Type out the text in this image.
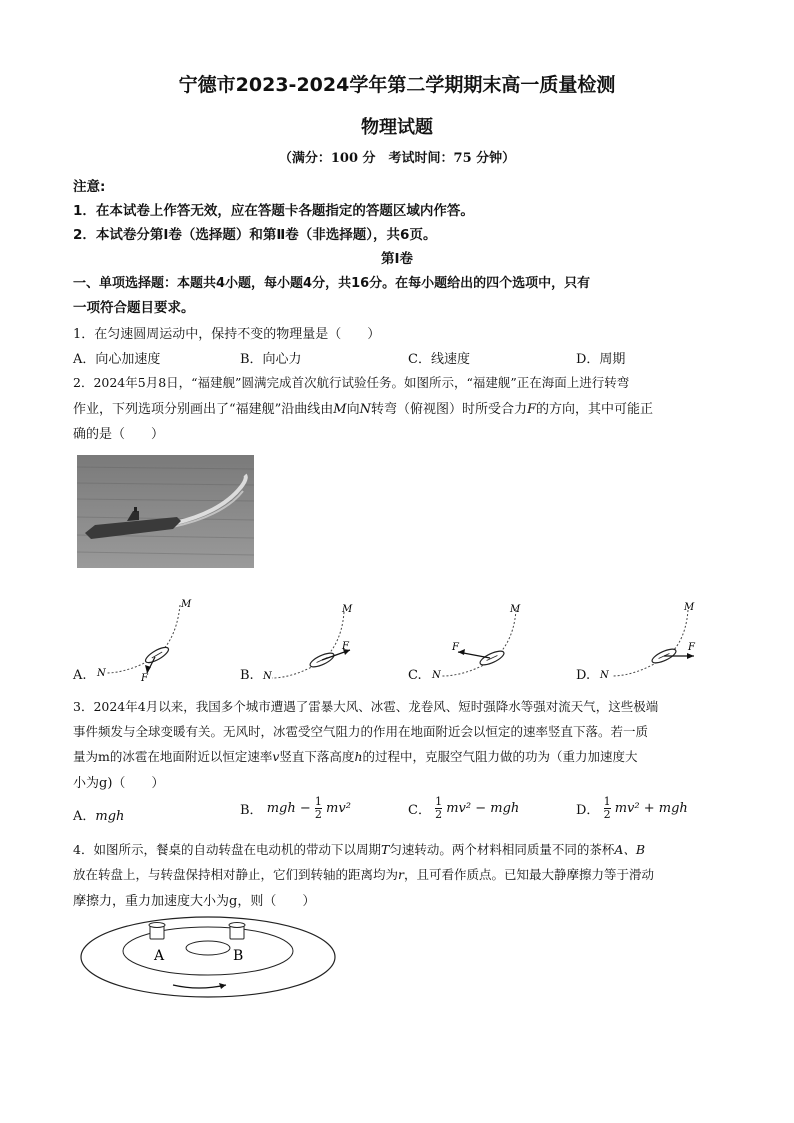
宁德市2023-2024学年第二学期期末高一质量检测
物理试题
（满分：100 分　考试时间：75 分钟）
注意:
1．在本试卷上作答无效，应在答题卡各题指定的答题区域内作答。
2．本试卷分第Ⅰ卷（选择题）和第Ⅱ卷（非选择题），共6页。
第Ⅰ卷
一、单项选择题：本题共4小题，每小题4分，共16分。在每小题给出的四个选项中，只有
一项符合题目要求。
1．在匀速圆周运动中，保持不变的物理量是（　　）
A．向心加速度	B．向心力	C．线速度	D．周期
2．2024年5月8日，“福建舰”圆满完成首次航行试验任务。如图所示，“福建舰”正在海面上进行转弯
作业，下列选项分别画出了“福建舰”沿曲线由M向N转弯（俯视图）时所受合力F的方向，其中可能正
确的是（　　）
M
N	F
M
N
F
M
N
F
M
N
F
A.	B.	C.	D.
3．2024年4月以来，我国多个城市遭遇了雷暴大风、冰雹、龙卷风、短时强降水等强对流天气，这些极端
事件频发与全球变暖有关。无风时，冰雹受空气阻力的作用在地面附近会以恒定的速率竖直下落。若一质
量为m的冰雹在地面附近以恒定速率v竖直下落高度h的过程中，克服空气阻力做的功为（重力加速度大
小为g)（　　）
A．mgh	B． mgh − $\frac{1}{2} mv^2$	C． $\frac{1}{2} mv^2$ − mgh	D． $\frac{1}{2} mv^2$ + mgh
4．如图所示，餐桌的自动转盘在电动机的带动下以周期T匀速转动。两个材料相同质量不同的茶杯A、B
放在转盘上，与转盘保持相对静止，它们到转轴的距离均为r，且可看作质点。已知最大静摩擦力等于滑动
摩擦力，重力加速度大小为g，则（　　）
A	B
